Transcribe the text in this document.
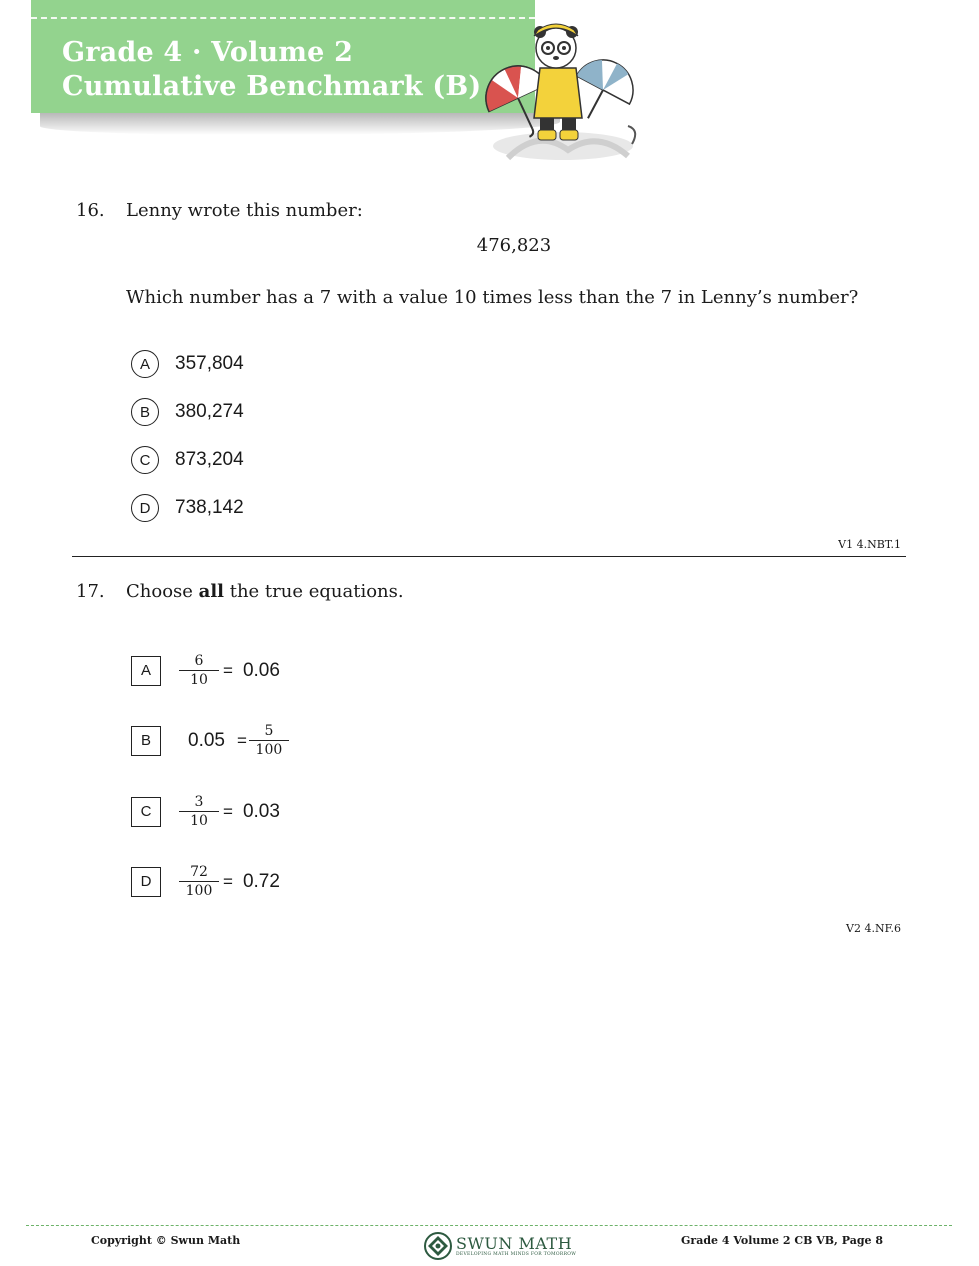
Grade 4 · Volume 2
Cumulative Benchmark (B)
16. Lenny wrote this number:
476,823
Which number has a 7 with a value 10 times less than the 7 in Lenny’s number?
A	357,804
B	380,274
C	873,204
D	738,142
V1 4.NBT.1
17. Choose all the true equations.
A	$\frac{6}{10} = 0.06$
B	$0.05 = \frac{5}{100}$
C	$\frac{3}{10} = 0.03$
D	$\frac{72}{100} = 0.72$
V2 4.NF.6
Copyright © Swun Math	SWUN MATH
DEVELOPING MATH MINDS FOR TOMORROW
Grade 4 Volume 2 CB VB, Page 8
